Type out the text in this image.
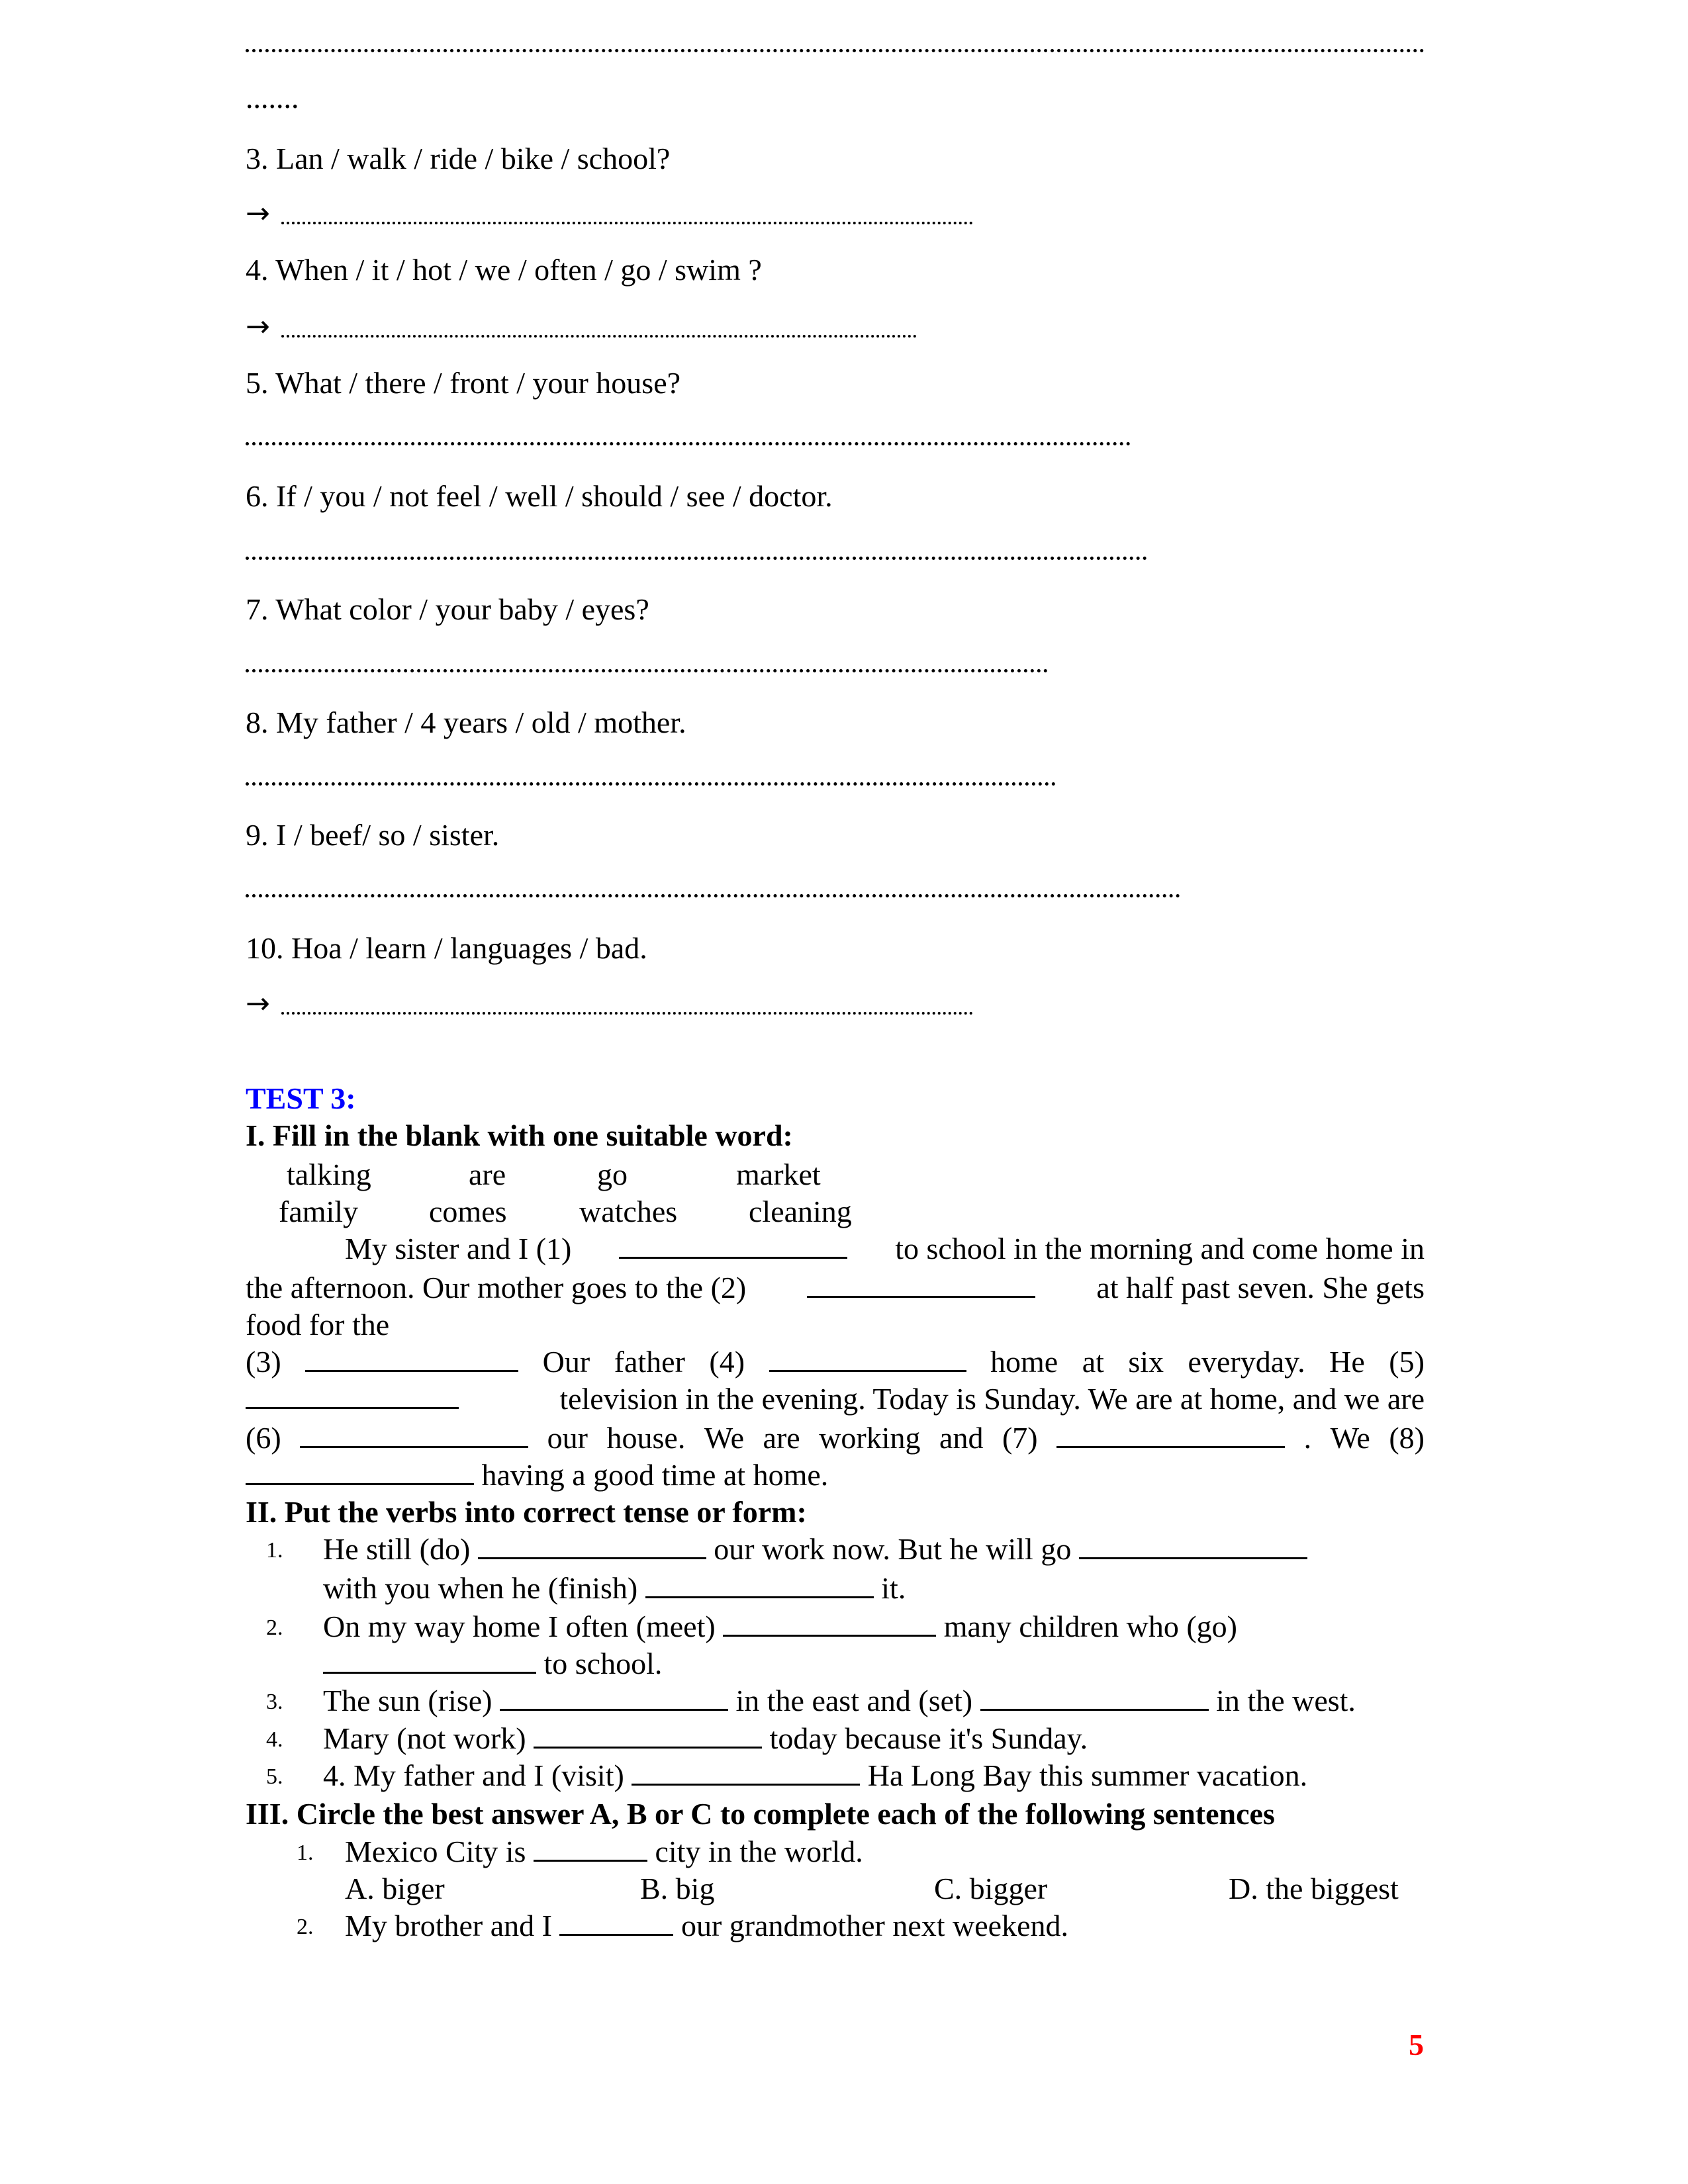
.......
3. Lan / walk / ride / bike / school?
→
4. When / it / hot / we / often / go / swim ?
→
5. What / there / front / your house?
6. If / you / not feel / well / should / see / doctor.
7. What color / your baby / eyes?
8. My father / 4 years / old / mother.
9. I / beef/ so / sister.
10. Hoa / learn / languages / bad.
→
TEST 3:
I. Fill in the blank with one suitable word:
talking	are	go	market
family comes watches cleaning
My sister and I (1)	to school in the morning and come home in
the afternoon. Our mother goes to the (2)	at half past seven. She gets
food for the
(3)	Our father (4)	home at six everyday. He (5)
television in the evening. Today is Sunday. We are at home, and we are
(6)	our house. We are working and (7)	. We (8)
having a good time at home.
II. Put the verbs into correct tense or form:
1. He still (do)	our work now. But he will go
with you when he (finish)	it.
2. On my way home I often (meet)	many children who (go)
to school.
3. The sun (rise)	in the east and (set)	in the west.
4. Mary (not work)	today because it's Sunday.
5. 4. My father and I (visit)	Ha Long Bay this summer vacation.
III. Circle the best answer A, B or C to complete each of the following sentences
1. Mexico City is	city in the world.
A. biger	B. big	C. bigger	D. the biggest
2. My brother and I	our grandmother next weekend.
5
